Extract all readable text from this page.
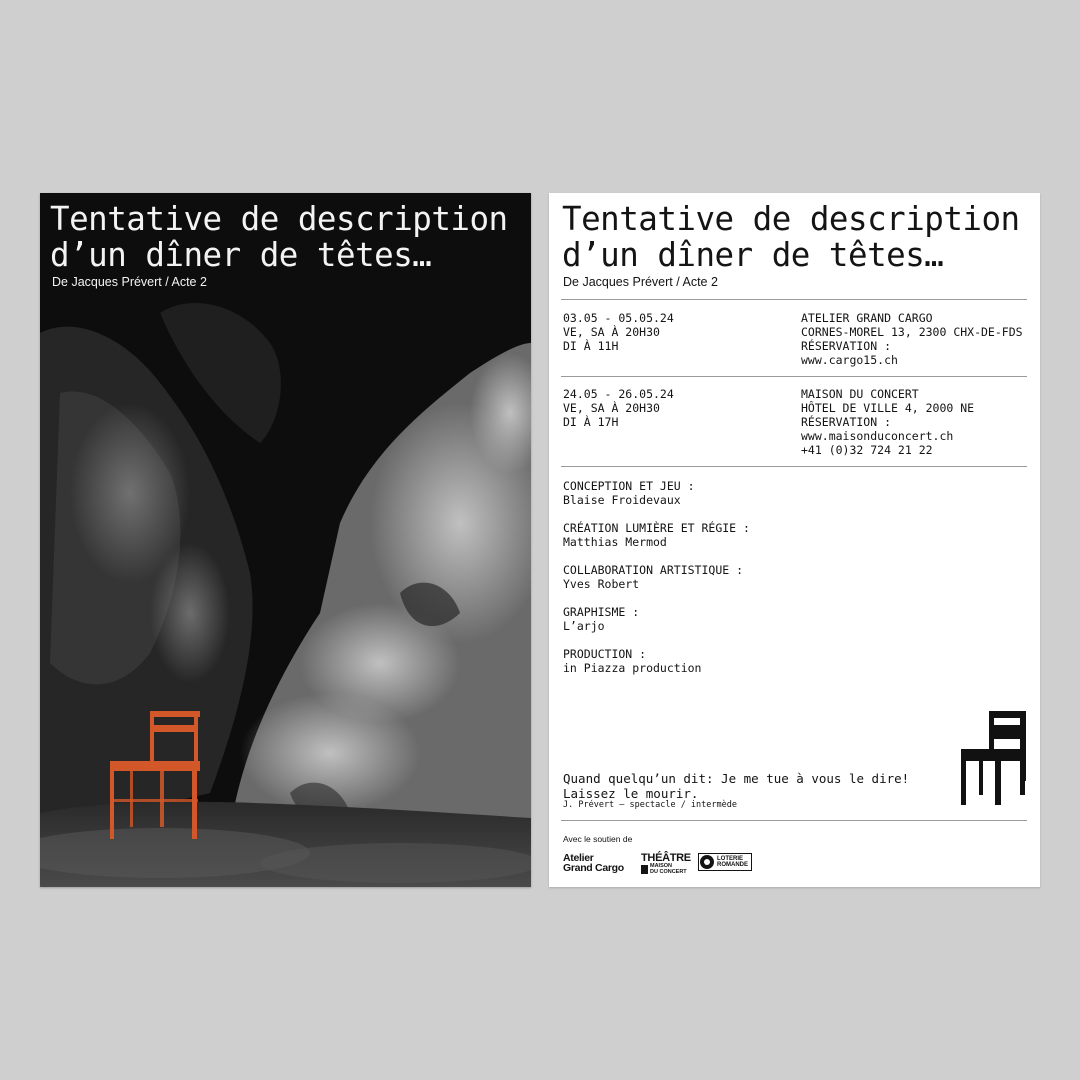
Tentative de description
d’un dîner de têtes…
De Jacques Prévert / Acte 2
Tentative de description
d’un dîner de têtes…
De Jacques Prévert / Acte 2
03.05 - 05.05.24
VE, SA À 20H30
DI À 11H
ATELIER GRAND CARGO
CORNES-MOREL 13, 2300 CHX-DE-FDS
RÉSERVATION :
www.cargo15.ch
24.05 - 26.05.24
VE, SA À 20H30
DI À 17H
MAISON DU CONCERT
HÔTEL DE VILLE 4, 2000 NE
RÉSERVATION :
www.maisonduconcert.ch
+41 (0)32 724 21 22
CONCEPTION ET JEU :
Blaise Froidevaux
CRÉATION LUMIÈRE ET RÉGIE :
Matthias Mermod
COLLABORATION ARTISTIQUE :
Yves Robert
GRAPHISME :
L’arjo
PRODUCTION :
in Piazza production
Quand quelqu’un dit: Je me tue à vous le dire!
Laissez le mourir.
J. Prévert – spectacle / intermède
Avec le soutien de
Atelier
Grand Cargo
THÉÂTRE
MAISON
DU CONCERT
LOTERIE
ROMANDE
